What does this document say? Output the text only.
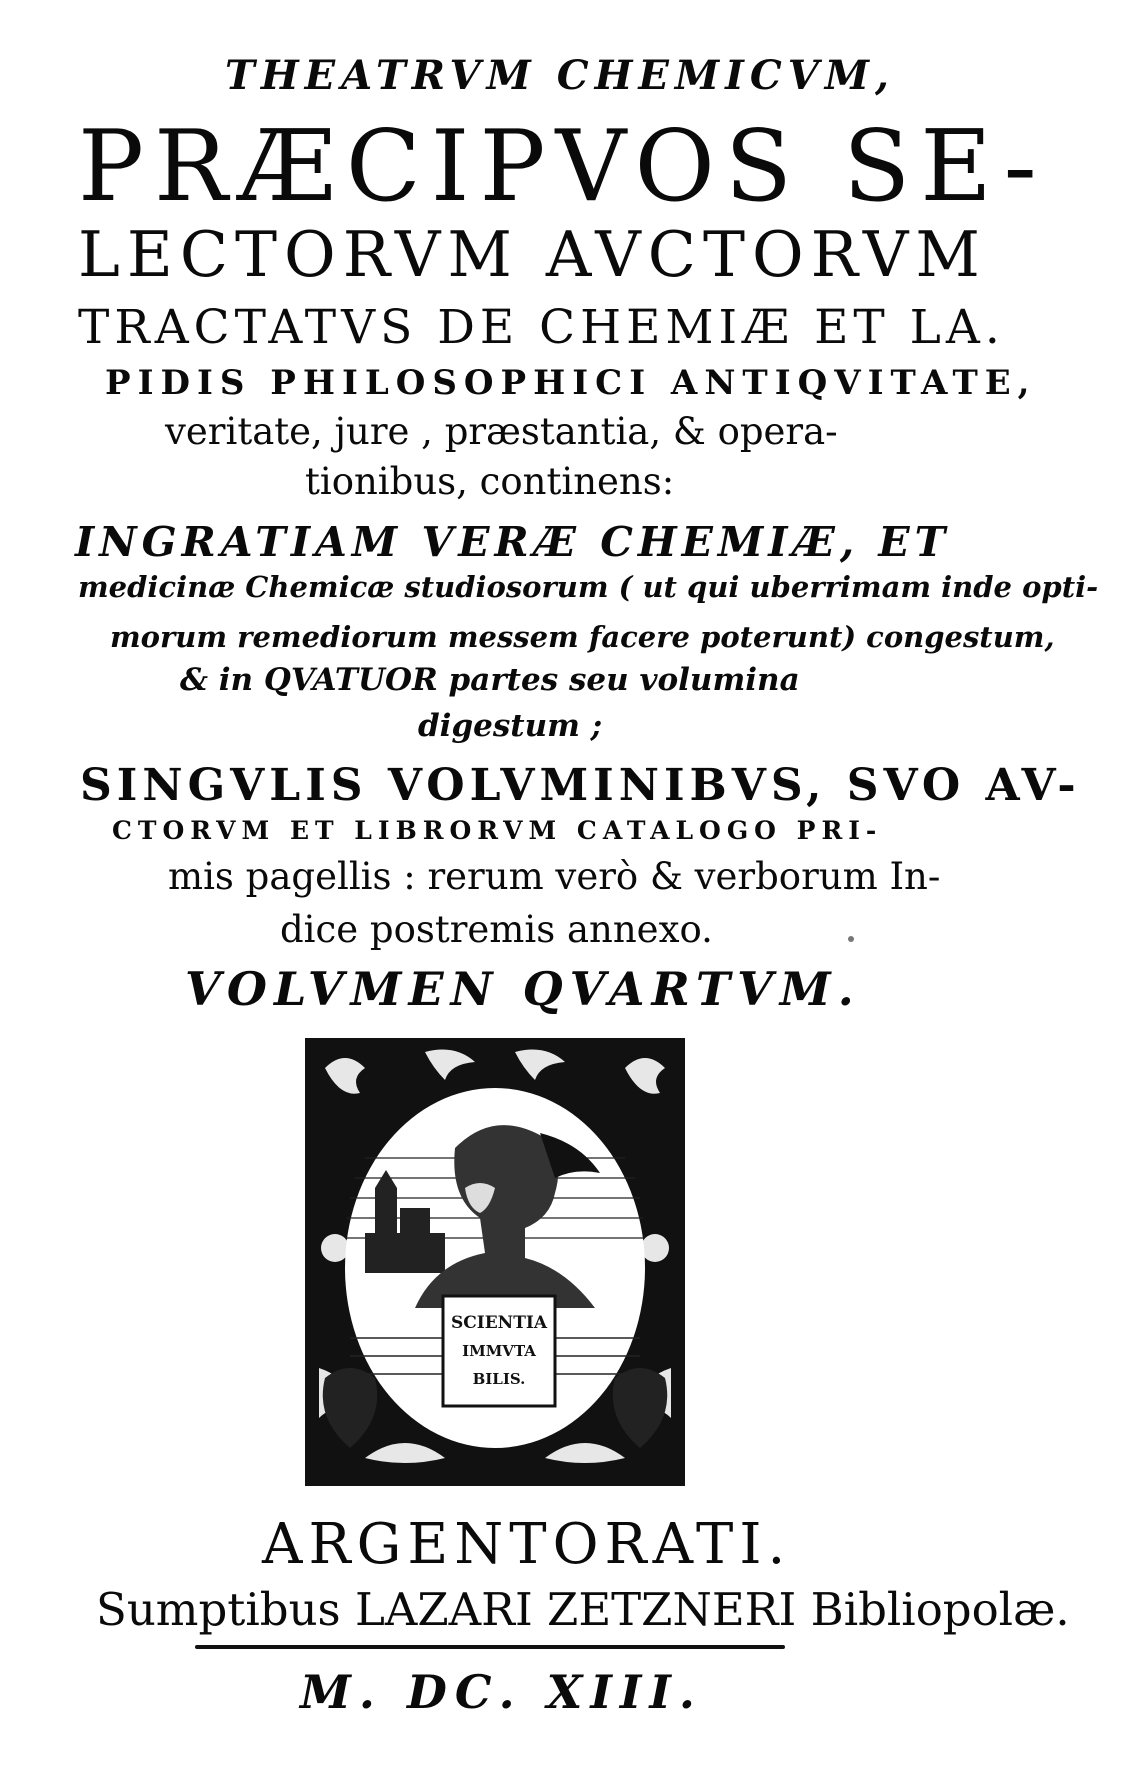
THEATRVM CHEMICVM,
PRÆCIPVOS SE-
LECTORVM AVCTORVM
TRACTATVS DE CHEMIÆ ET LA.
PIDIS PHILOSOPHICI ANTIQVITATE,
veritate, jure , præstantia, & opera-
tionibus, continens:
INGRATIAM VERÆ CHEMIÆ, ET
medicinæ Chemicæ studiosorum ( ut qui uberrimam inde opti-
morum remediorum messem facere poterunt) congestum,
& in QVATUOR partes seu volumina
digestum ;
SINGVLIS VOLVMINIBVS, SVO AV-
CTORVM ET LIBRORVM CATALOGO PRI-
mis pagellis : rerum verò & verborum In-
dice postremis annexo.
VOLVMEN QVARTVM.
SCIENTIA
IMMVTA
BILIS.
ARGENTORATI.
Sumptibus LAZARI ZETZNERI Bibliopolæ.
M. DC. XIII.
